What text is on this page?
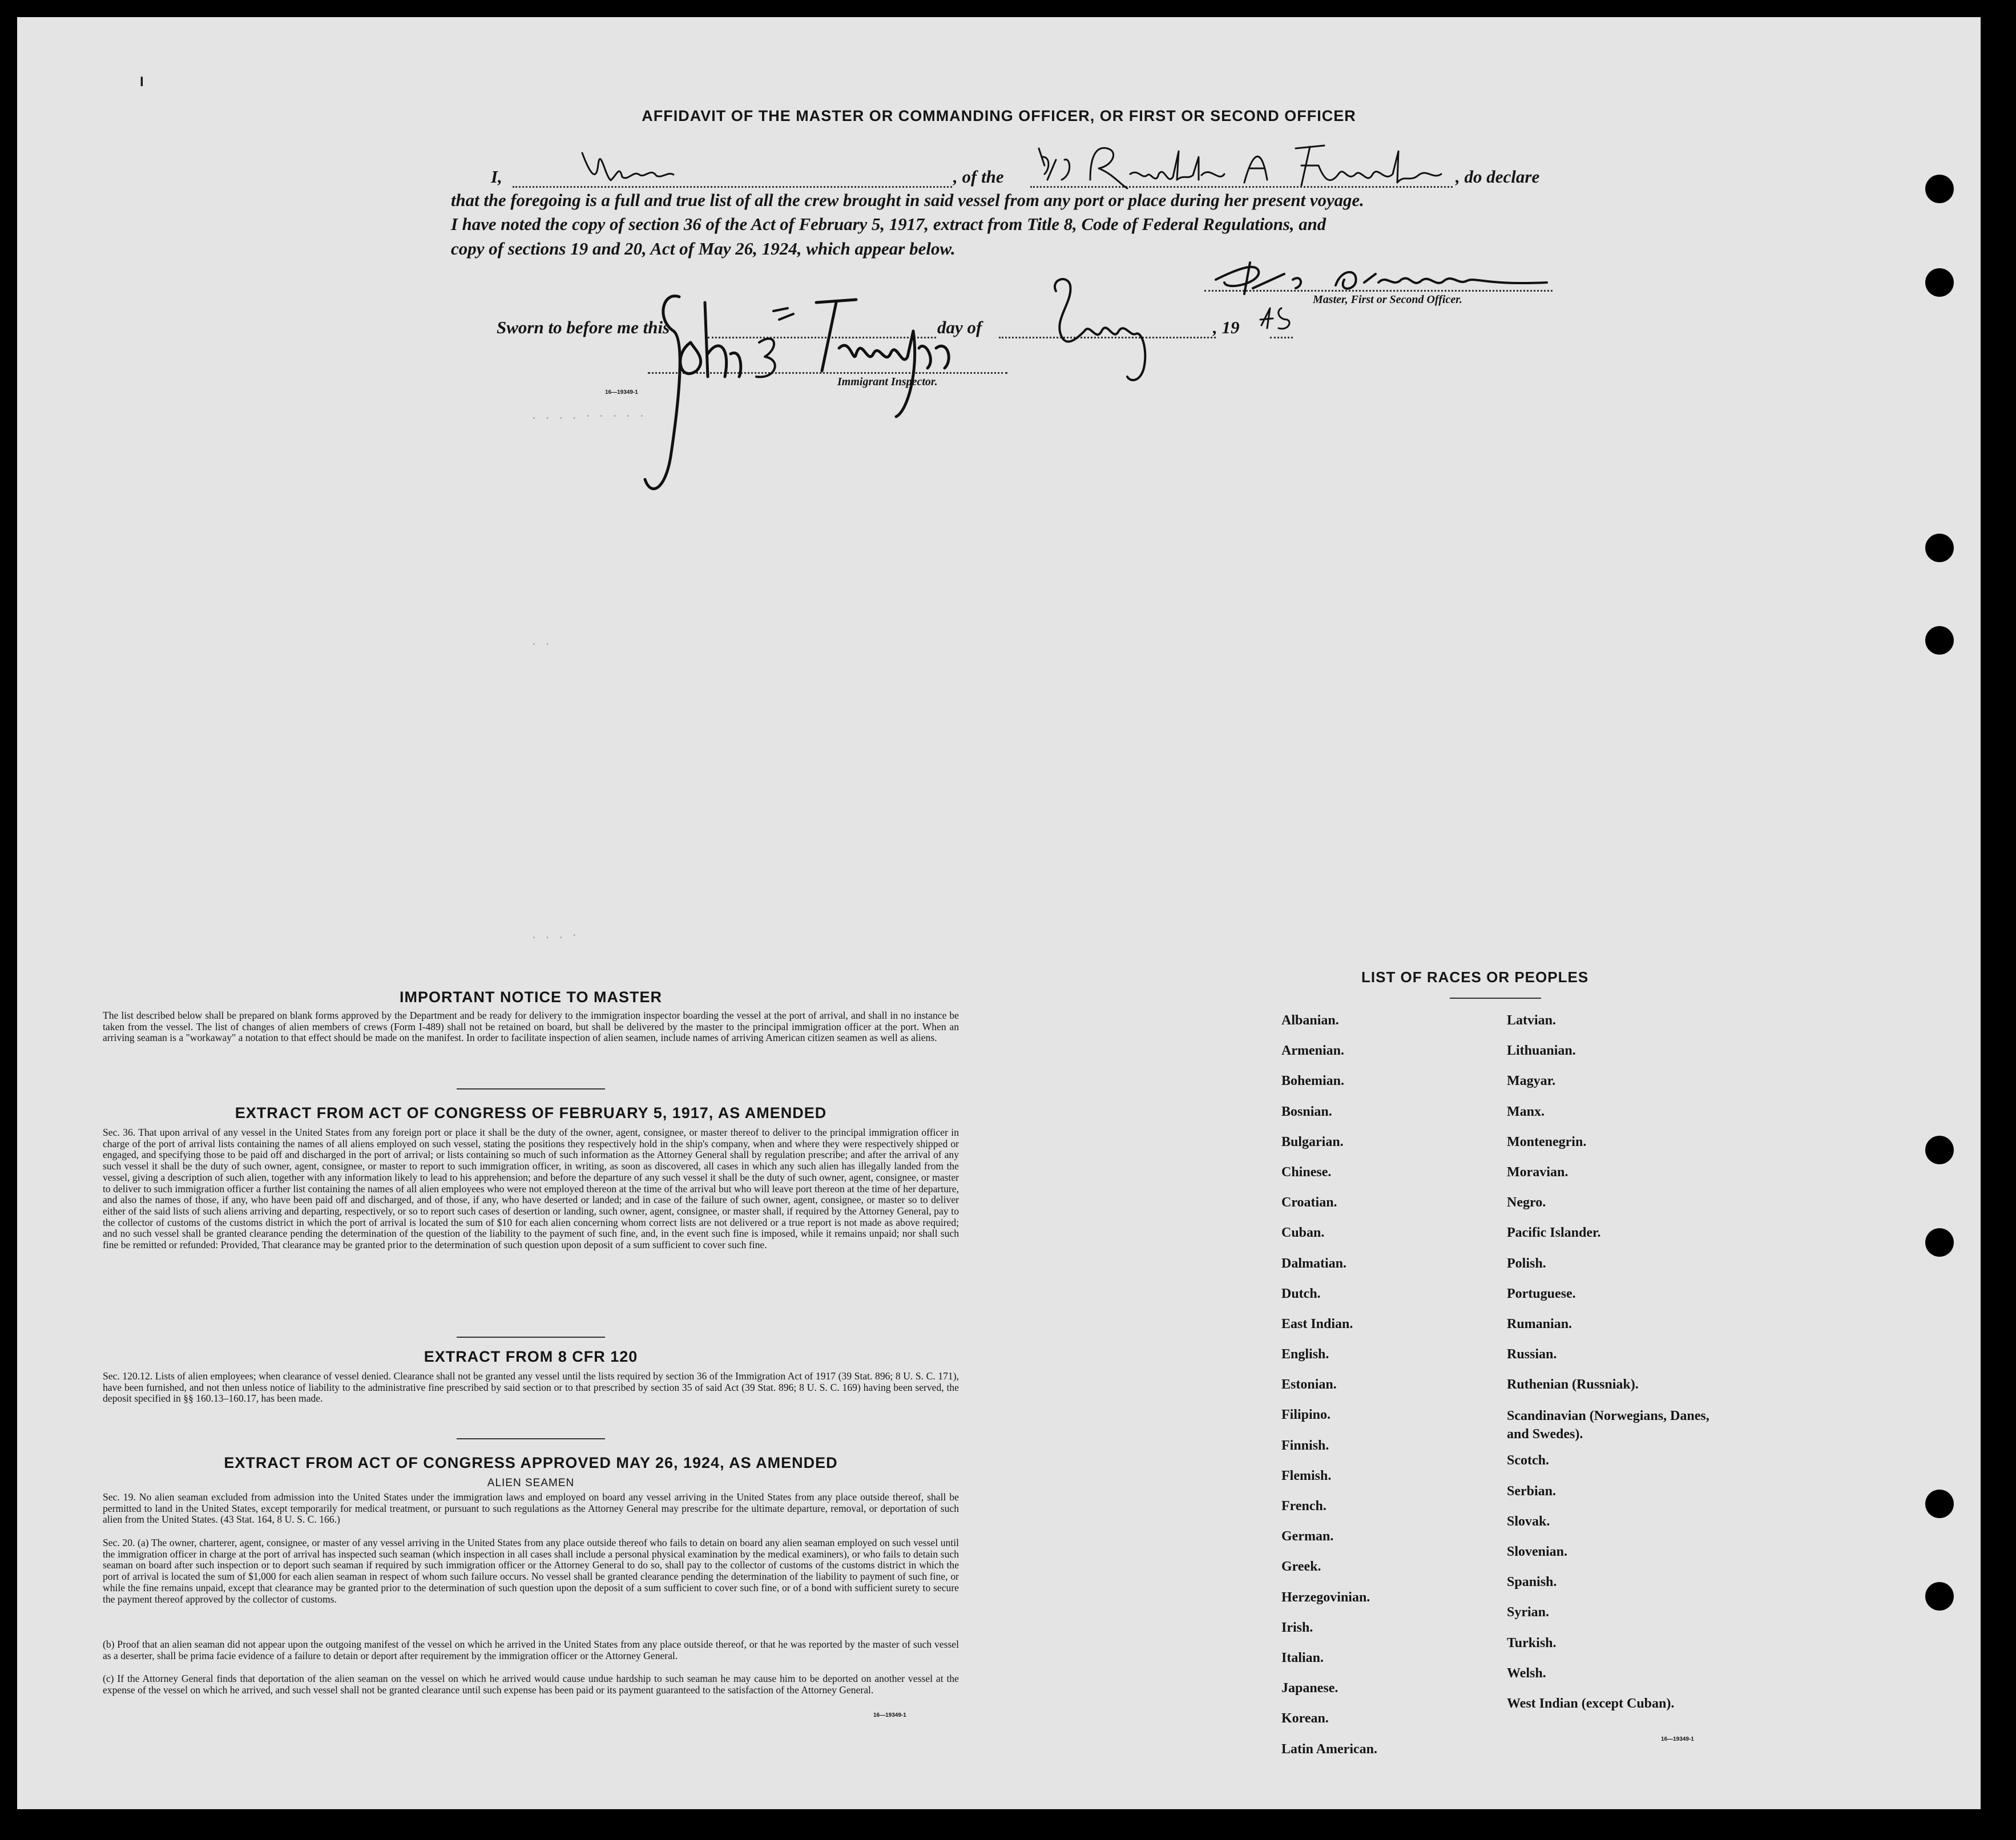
I
AFFIDAVIT OF THE MASTER OR COMMANDING OFFICER, OR FIRST OR SECOND OFFICER
I,	, of the	, do declare
that the foregoing is a full and true list of all the crew brought in said vessel from any port or place during her present voyage.
I have noted the copy of section 36 of the Act of February 5, 1917, extract from Title 8, Code of Federal Regulations, and
copy of sections 19 and 20, Act of May 26, 1924, which appear below.
Sworn to before me this	day of	, 19
Master, First or Second Officer.
Immigrant Inspector.
16—19349-1
. . . . · · · · ·
· ·
. . . ·
IMPORTANT NOTICE TO MASTER
The list described below shall be prepared on blank forms approved by the Department and be ready for delivery to the immigration inspector boarding the vessel at the port of arrival, and shall in no instance be taken from the vessel. The list of changes of alien members of crews (Form I-489) shall not be retained on board, but shall be delivered by the master to the principal immigration officer at the port. When an arriving seaman is a "workaway" a notation to that effect should be made on the manifest. In order to facilitate inspection of alien seamen, include names of arriving American citizen seamen as well as aliens.
EXTRACT FROM ACT OF CONGRESS OF FEBRUARY 5, 1917, AS AMENDED
Sec. 36. That upon arrival of any vessel in the United States from any foreign port or place it shall be the duty of the owner, agent, consignee, or master thereof to deliver to the principal immigration officer in charge of the port of arrival lists containing the names of all aliens employed on such vessel, stating the positions they respectively hold in the ship's company, when and where they were respectively shipped or engaged, and specifying those to be paid off and discharged in the port of arrival; or lists containing so much of such information as the Attorney General shall by regulation prescribe; and after the arrival of any such vessel it shall be the duty of such owner, agent, consignee, or master to report to such immigration officer, in writing, as soon as discovered, all cases in which any such alien has illegally landed from the vessel, giving a description of such alien, together with any information likely to lead to his apprehension; and before the departure of any such vessel it shall be the duty of such owner, agent, consignee, or master to deliver to such immigration officer a further list containing the names of all alien employees who were not employed thereon at the time of the arrival but who will leave port thereon at the time of her departure, and also the names of those, if any, who have been paid off and discharged, and of those, if any, who have deserted or landed; and in case of the failure of such owner, agent, consignee, or master so to deliver either of the said lists of such aliens arriving and departing, respectively, or so to report such cases of desertion or landing, such owner, agent, consignee, or master shall, if required by the Attorney General, pay to the collector of customs of the customs district in which the port of arrival is located the sum of $10 for each alien concerning whom correct lists are not delivered or a true report is not made as above required; and no such vessel shall be granted clearance pending the determination of the question of the liability to the payment of such fine, and, in the event such fine is imposed, while it remains unpaid; nor shall such fine be remitted or refunded: Provided, That clearance may be granted prior to the determination of such question upon deposit of a sum sufficient to cover such fine.
EXTRACT FROM 8 CFR 120
Sec. 120.12. Lists of alien employees; when clearance of vessel denied. Clearance shall not be granted any vessel until the lists required by section 36 of the Immigration Act of 1917 (39 Stat. 896; 8 U. S. C. 171), have been furnished, and not then unless notice of liability to the administrative fine prescribed by said section or to that prescribed by section 35 of said Act (39 Stat. 896; 8 U. S. C. 169) having been served, the deposit specified in §§ 160.13–160.17, has been made.
EXTRACT FROM ACT OF CONGRESS APPROVED MAY 26, 1924, AS AMENDED
ALIEN SEAMEN
Sec. 19. No alien seaman excluded from admission into the United States under the immigration laws and employed on board any vessel arriving in the United States from any place outside thereof, shall be permitted to land in the United States, except temporarily for medical treatment, or pursuant to such regulations as the Attorney General may prescribe for the ultimate departure, removal, or deportation of such alien from the United States. (43 Stat. 164, 8 U. S. C. 166.)
Sec. 20. (a) The owner, charterer, agent, consignee, or master of any vessel arriving in the United States from any place outside thereof who fails to detain on board any alien seaman employed on such vessel until the immigration officer in charge at the port of arrival has inspected such seaman (which inspection in all cases shall include a personal physical examination by the medical examiners), or who fails to detain such seaman on board after such inspection or to deport such seaman if required by such immigration officer or the Attorney General to do so, shall pay to the collector of customs of the customs district in which the port of arrival is located the sum of $1,000 for each alien seaman in respect of whom such failure occurs. No vessel shall be granted clearance pending the determination of the liability to payment of such fine, or while the fine remains unpaid, except that clearance may be granted prior to the determination of such question upon the deposit of a sum sufficient to cover such fine, or of a bond with sufficient surety to secure the payment thereof approved by the collector of customs.
(b) Proof that an alien seaman did not appear upon the outgoing manifest of the vessel on which he arrived in the United States from any place outside thereof, or that he was reported by the master of such vessel as a deserter, shall be prima facie evidence of a failure to detain or deport after requirement by the immigration officer or the Attorney General.
(c) If the Attorney General finds that deportation of the alien seaman on the vessel on which he arrived would cause undue hardship to such seaman he may cause him to be deported on another vessel at the expense of the vessel on which he arrived, and such vessel shall not be granted clearance until such expense has been paid or its payment guaranteed to the satisfaction of the Attorney General.
16—19349-1
LIST OF RACES OR PEOPLES
Albanian.
Armenian.
Bohemian.
Bosnian.
Bulgarian.
Chinese.
Croatian.
Cuban.
Dalmatian.
Dutch.
East Indian.
English.
Estonian.
Filipino.
Finnish.
Flemish.
French.
German.
Greek.
Herzegovinian.
Irish.
Italian.
Japanese.
Korean.
Latin American.
Latvian.
Lithuanian.
Magyar.
Manx.
Montenegrin.
Moravian.
Negro.
Pacific Islander.
Polish.
Portuguese.
Rumanian.
Russian.
Ruthenian (Russniak).
Scandinavian (Norwegians, Danes, and Swedes).
Scotch.
Serbian.
Slovak.
Slovenian.
Spanish.
Syrian.
Turkish.
Welsh.
West Indian (except Cuban).
16—19349-1
